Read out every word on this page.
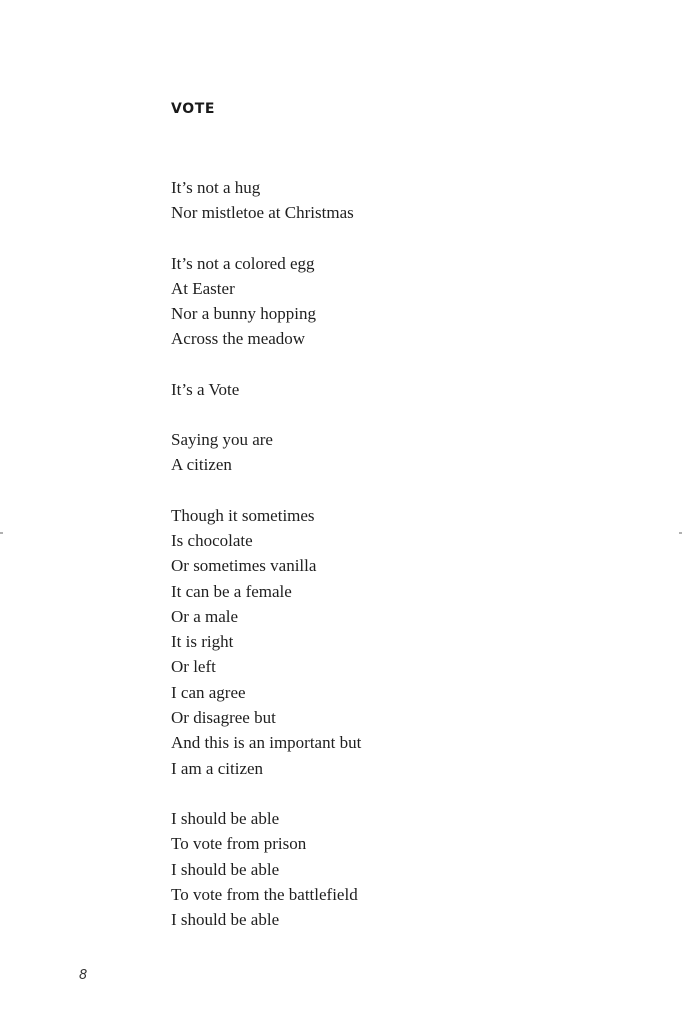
VOTE
It’s not a hug
Nor mistletoe at Christmas
It’s not a colored egg
At Easter
Nor a bunny hopping
Across the meadow
It’s a Vote
Saying you are
A citizen
Though it sometimes
Is chocolate
Or sometimes vanilla
It can be a female
Or a male
It is right
Or left
I can agree
Or disagree but
And this is an important but
I am a citizen
I should be able
To vote from prison
I should be able
To vote from the battlefield
I should be able
8
